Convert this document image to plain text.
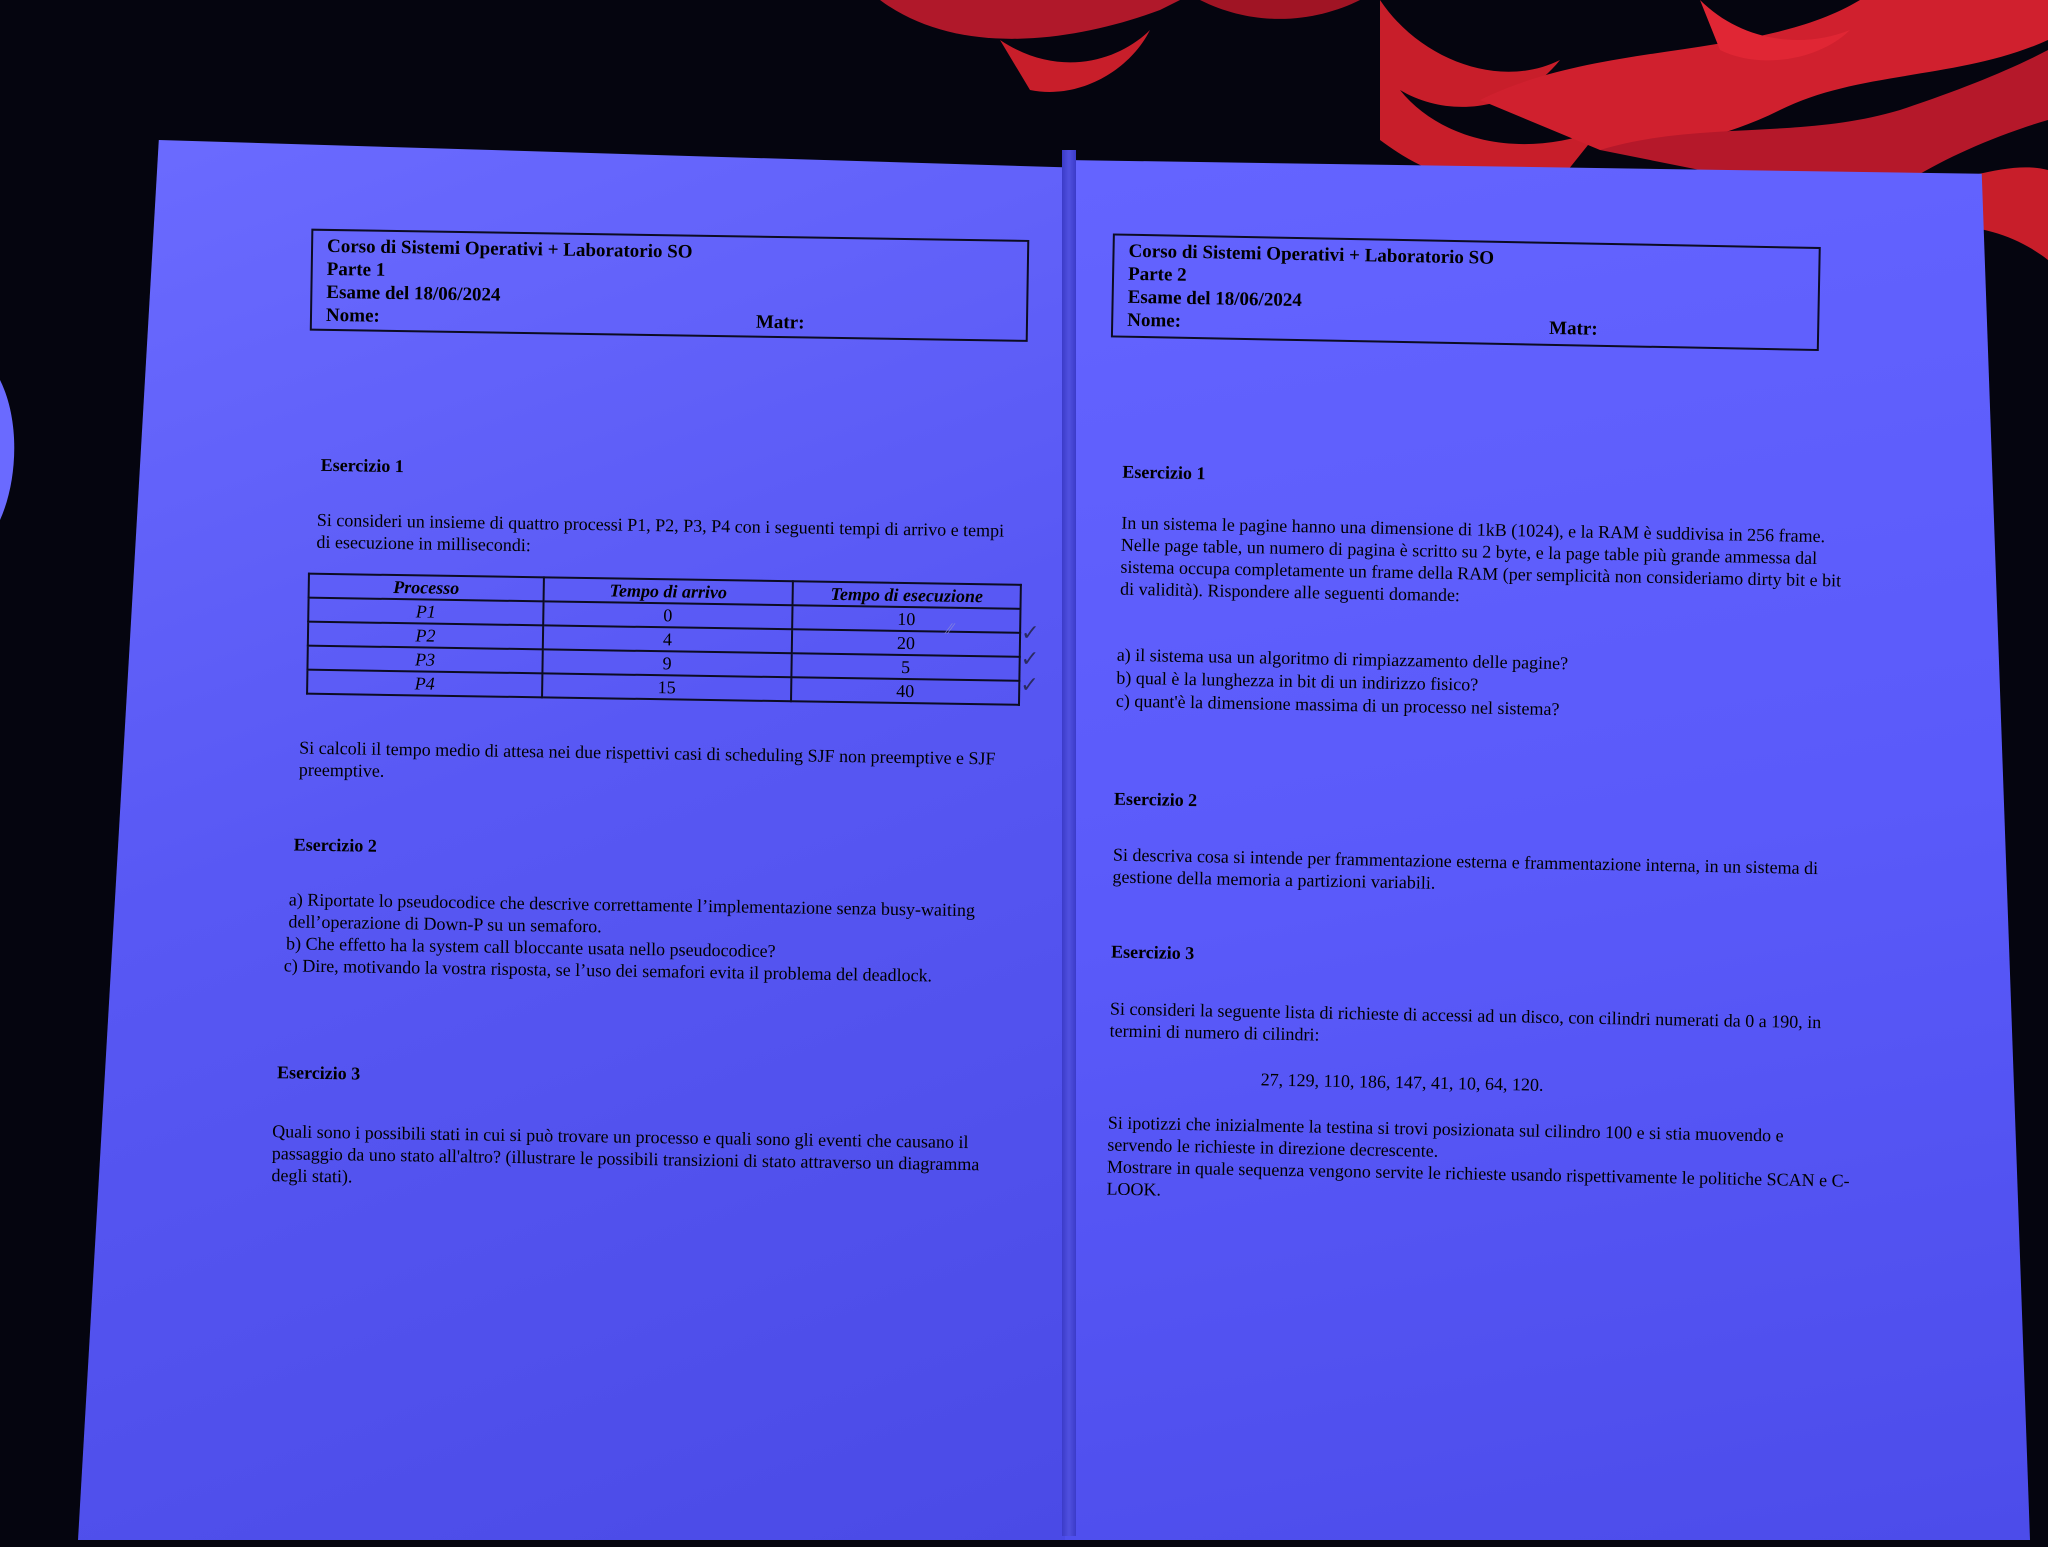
Corso di Sistemi Operativi + Laboratorio SO
Parte 1
Esame del 18/06/2024
Nome:	Matr:
Esercizio 1
Si consideri un insieme di quattro processi P1, P2, P3, P4 con i seguenti tempi di arrivo e tempi di esecuzione in millisecondi:
Processo	Tempo di arrivo	Tempo di esecuzione
P1	0	10
P2	4	20
P3	9	5
P4	15	40
⁄⁄	✓
✓
✓
Si calcoli il tempo medio di attesa nei due rispettivi casi di scheduling SJF non preemptive e SJF preemptive.
Esercizio 2
a) Riportate lo pseudocodice che descrive correttamente l’implementazione senza busy-waiting dell’operazione di Down-P su un semaforo.
b) Che effetto ha la system call bloccante usata nello pseudocodice?
c) Dire, motivando la vostra risposta, se l’uso dei semafori evita il problema del deadlock.
Esercizio 3
Quali sono i possibili stati in cui si può trovare un processo e quali sono gli eventi che causano il passaggio da uno stato all'altro? (illustrare le possibili transizioni di stato attraverso un diagramma degli stati).
Corso di Sistemi Operativi + Laboratorio SO
Parte 2
Esame del 18/06/2024
Nome:	Matr:
Esercizio 1
In un sistema le pagine hanno una dimensione di 1kB (1024), e la RAM è suddivisa in 256 frame. Nelle page table, un numero di pagina è scritto su 2 byte, e la page table più grande ammessa dal sistema occupa completamente un frame della RAM (per semplicità non consideriamo dirty bit e bit di validità). Rispondere alle seguenti domande:
a) il sistema usa un algoritmo di rimpiazzamento delle pagine?
b) qual è la lunghezza in bit di un indirizzo fisico?
c) quant'è la dimensione massima di un processo nel sistema?
Esercizio 2
Si descriva cosa si intende per frammentazione esterna e frammentazione interna, in un sistema di gestione della memoria a partizioni variabili.
Esercizio 3
Si consideri la seguente lista di richieste di accessi ad un disco, con cilindri numerati da 0 a 190, in termini di numero di cilindri:
27, 129, 110, 186, 147, 41, 10, 64, 120.
Si ipotizzi che inizialmente la testina si trovi posizionata sul cilindro 100 e si stia muovendo e servendo le richieste in direzione decrescente.
Mostrare in quale sequenza vengono servite le richieste usando rispettivamente le politiche SCAN e C-LOOK.
